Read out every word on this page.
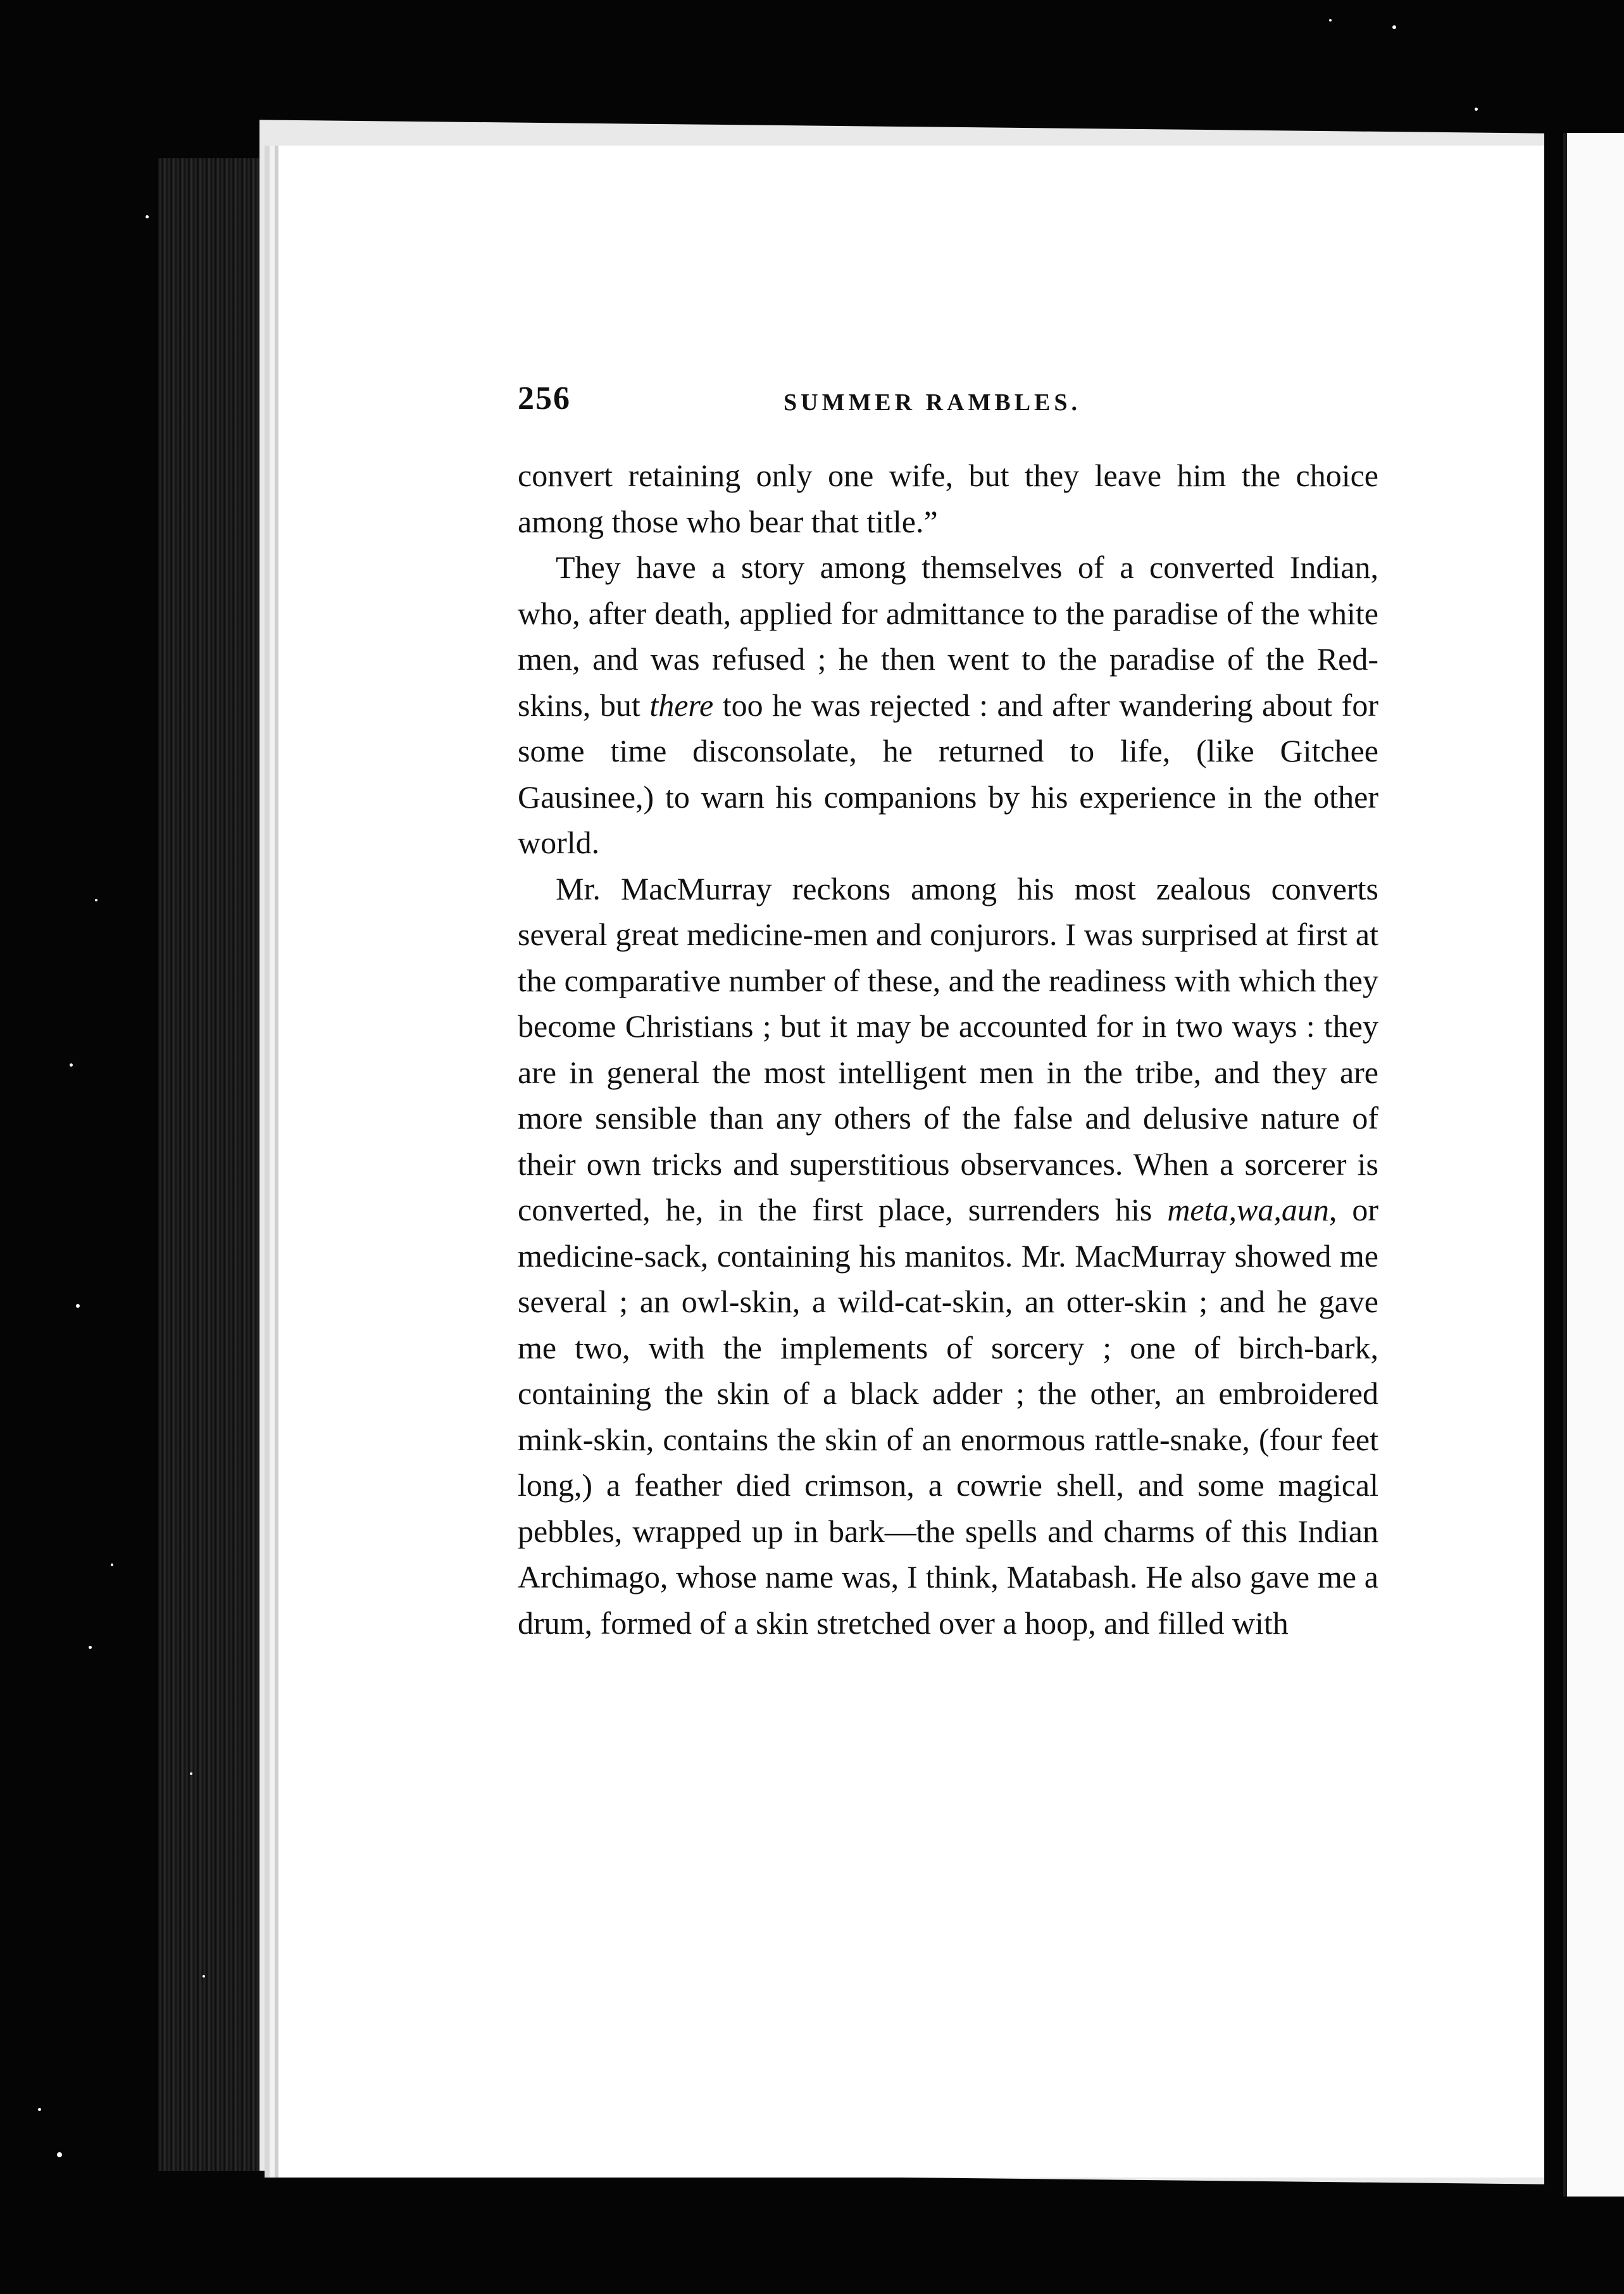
256	SUMMER RAMBLES.

convert retaining only one wife, but they leave him the choice among those who bear that title.”

They have a story among themselves of a converted Indian, who, after death, applied for admittance to the paradise of the white men, and was refused ; he then went to the paradise of the Red-skins, but there too he was rejected : and after wandering about for some time disconsolate, he returned to life, (like Gitchee Gausinee,) to warn his companions by his experience in the other world.

Mr. MacMurray reckons among his most zealous converts several great medicine-men and conjurors. I was surprised at first at the comparative number of these, and the readiness with which they become Christians ; but it may be accounted for in two ways : they are in general the most intelligent men in the tribe, and they are more sensible than any others of the false and delusive nature of their own tricks and superstitious observances. When a sorcerer is converted, he, in the first place, surrenders his meta,wa,aun, or medicine-sack, containing his manitos. Mr. MacMurray showed me several ; an owl-skin, a wild-cat-skin, an otter-skin ; and he gave me two, with the implements of sorcery ; one of birch-bark, containing the skin of a black adder ; the other, an embroidered mink-skin, contains the skin of an enormous rattle-snake, (four feet long,) a feather died crimson, a cowrie shell, and some magical pebbles, wrapped up in bark—the spells and charms of this Indian Archimago, whose name was, I think, Matabash. He also gave me a drum, formed of a skin stretched over a hoop, and filled with
